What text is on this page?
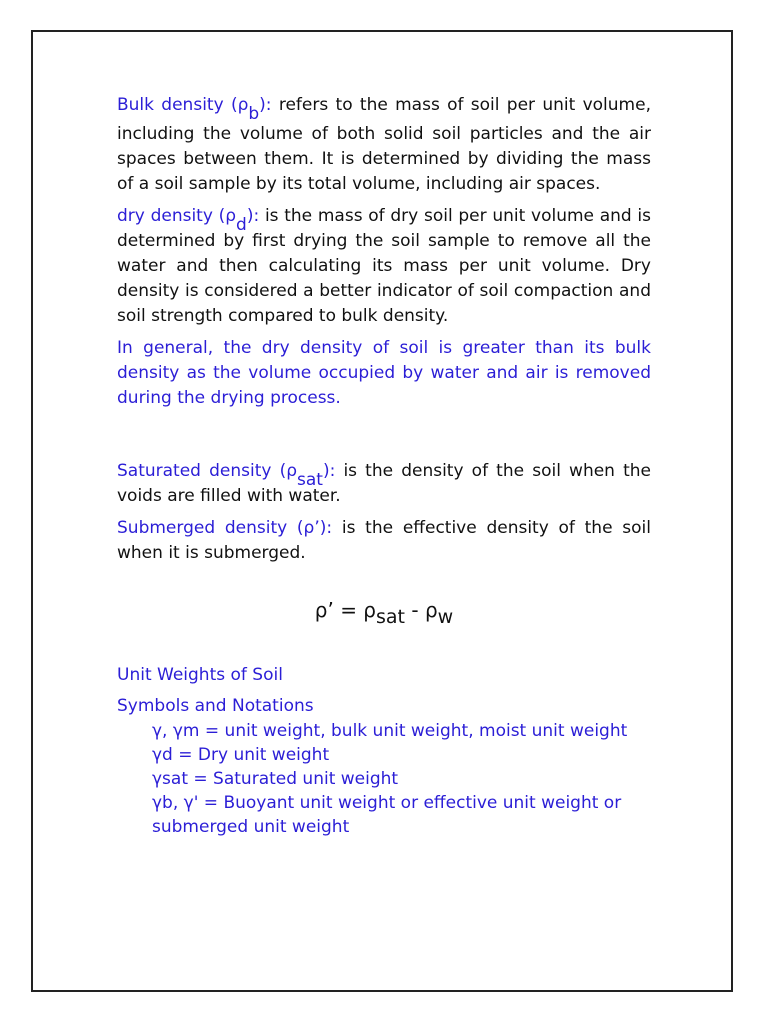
Bulk density $(\rho_b)$: refers to the mass of soil per unit volume, including the volume of both solid soil particles and the air spaces between them. It is determined by dividing the mass of a soil sample by its total volume, including air spaces.

dry density $(\rho_d)$: is the mass of dry soil per unit volume and is determined by first drying the soil sample to remove all the water and then calculating its mass per unit volume. Dry density is considered a better indicator of soil compaction and soil strength compared to bulk density.

In general, the dry density of soil is greater than its bulk density as the volume occupied by water and air is removed during the drying process.

Saturated density $(\rho_{sat})$: is the density of the soil when the voids are filled with water.

Submerged density (ρ’): is the effective density of the soil when it is submerged.

ρ’ = $\rho_{sat} - \rho_w$
Unit Weights of Soil
Symbols and Notations
γ, γm = unit weight, bulk unit weight, moist unit weight
γd = Dry unit weight
γsat = Saturated unit weight
γb, γ' = Buoyant unit weight or effective unit weight or
submerged unit weight
